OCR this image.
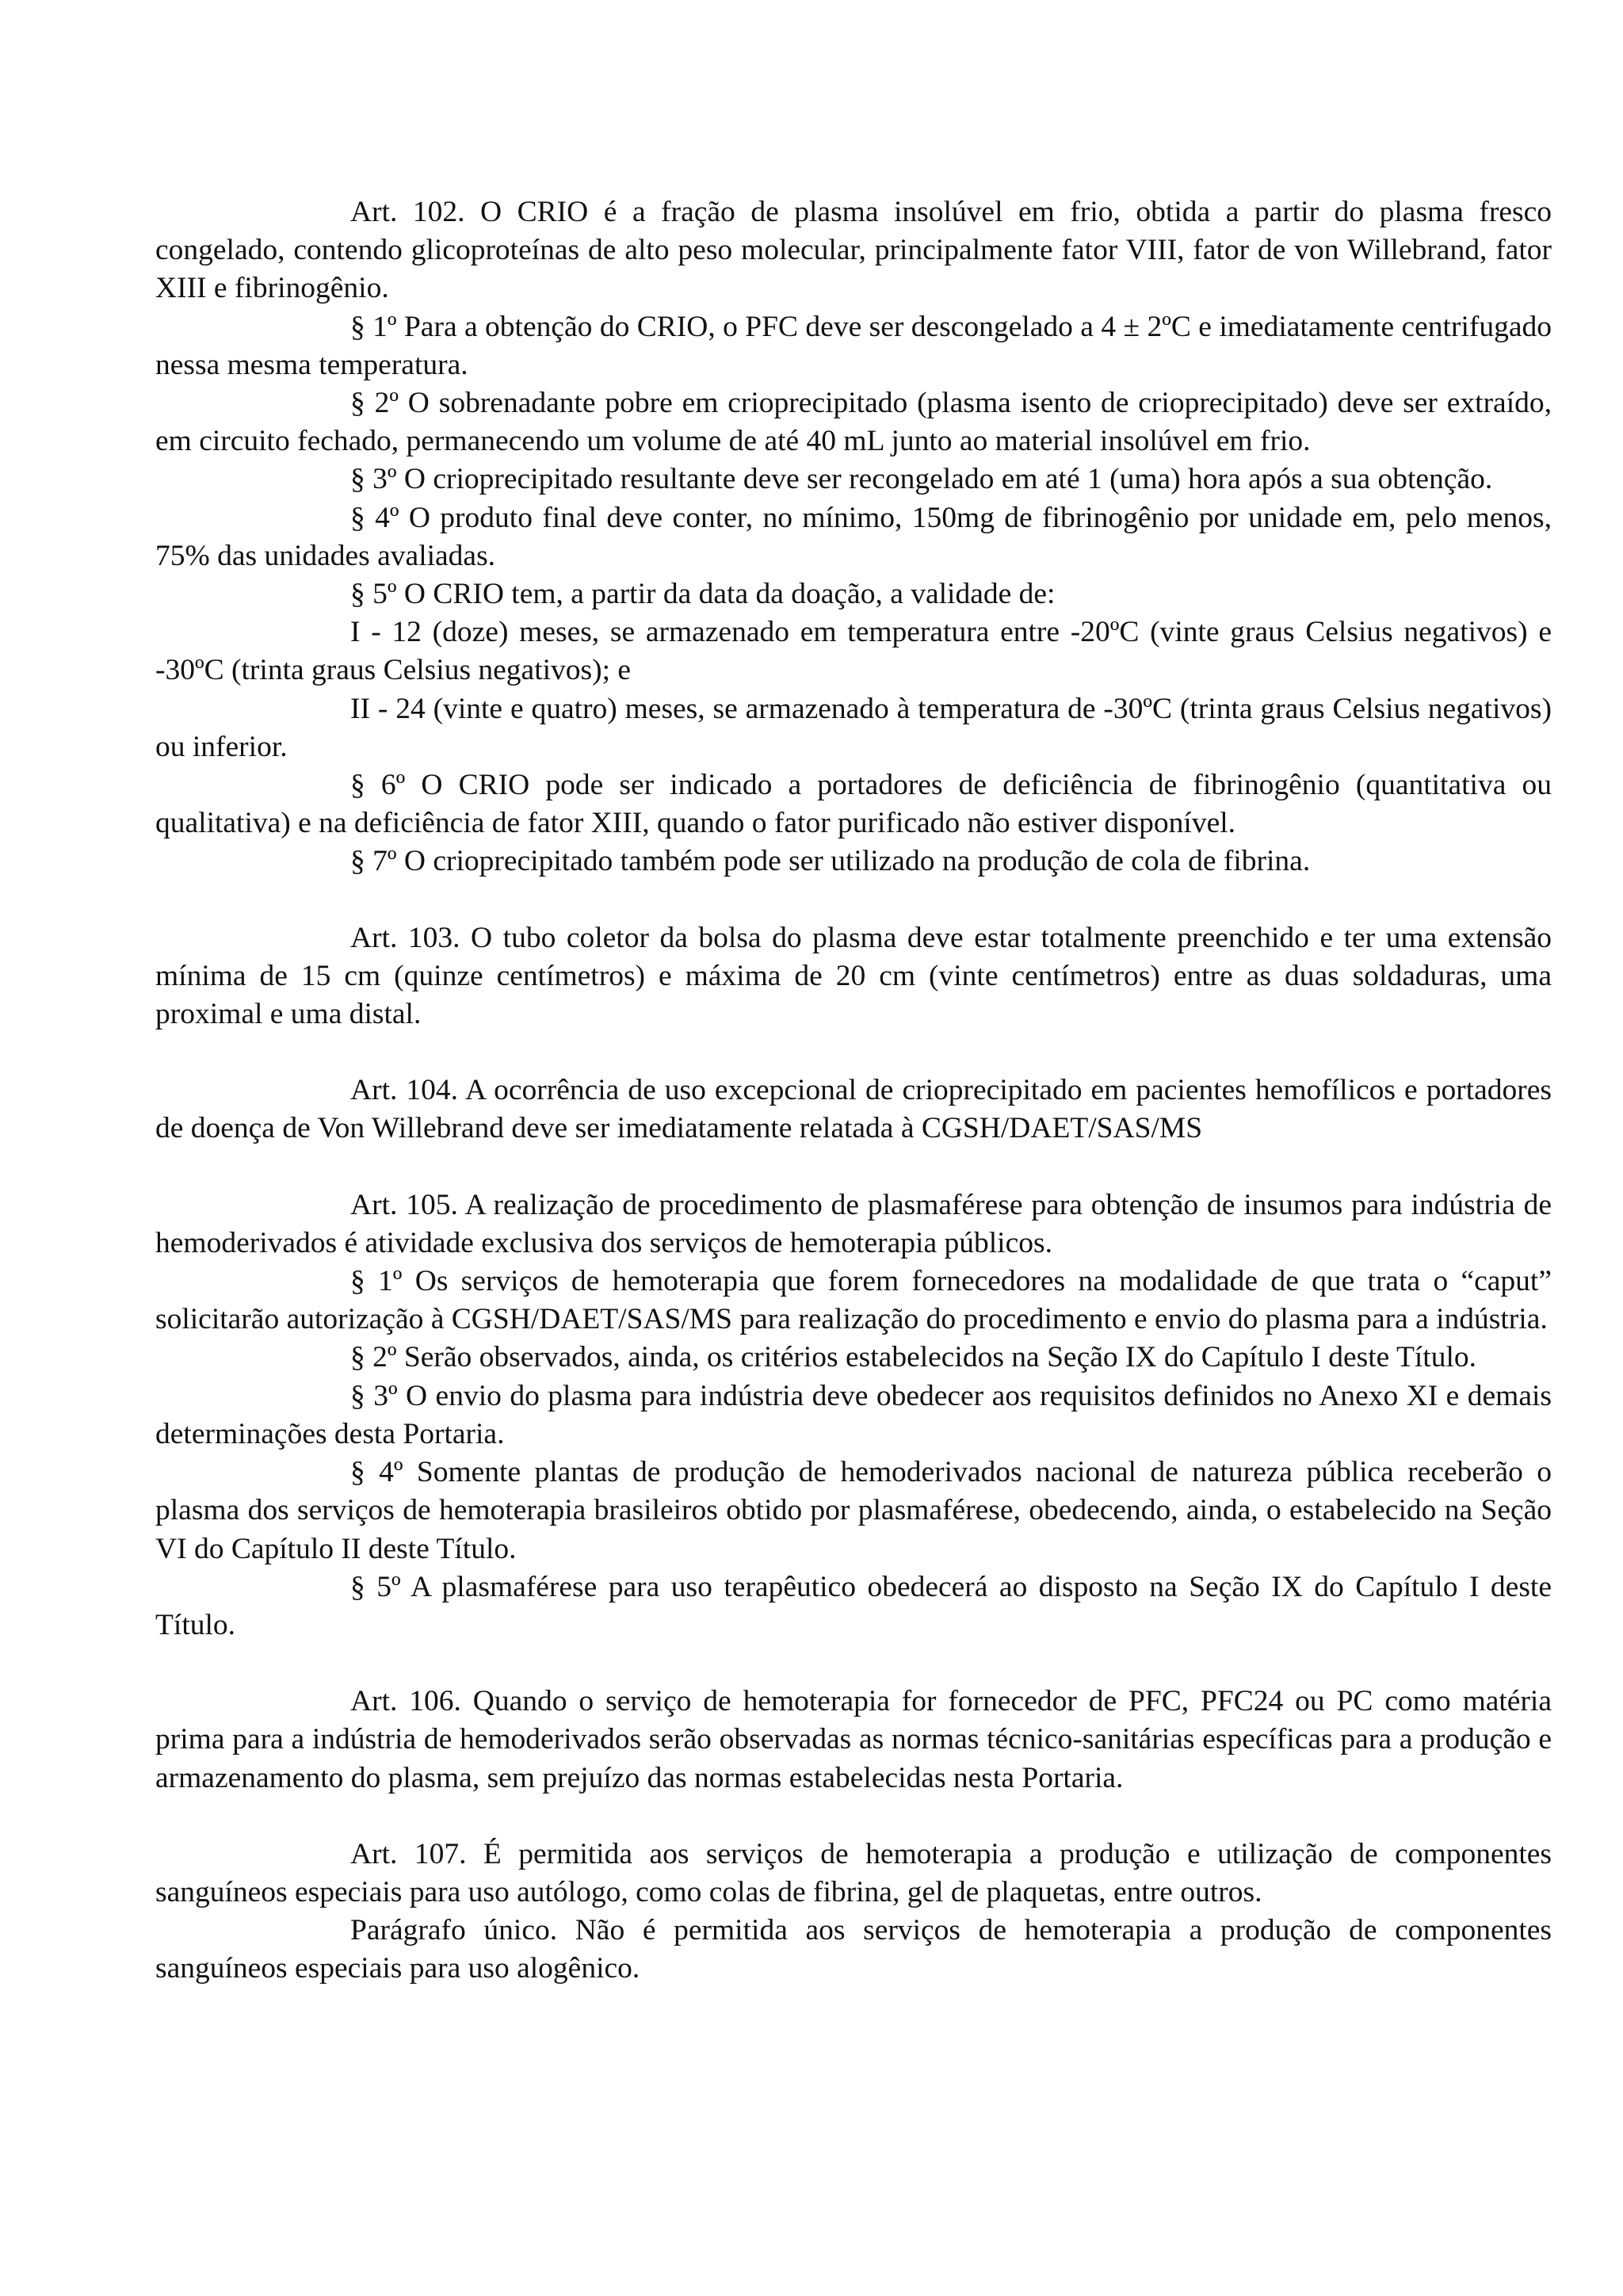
Art. 102. O CRIO é a fração de plasma insolúvel em frio, obtida a partir do plasma fresco congelado, contendo glicoproteínas de alto peso molecular, principalmente fator VIII, fator de von Willebrand, fator XIII e fibrinogênio.

§ 1º Para a obtenção do CRIO, o PFC deve ser descongelado a 4 ± 2ºC e imediatamente centrifugado nessa mesma temperatura.

§ 2º O sobrenadante pobre em crioprecipitado (plasma isento de crioprecipitado) deve ser extraído, em circuito fechado, permanecendo um volume de até 40 mL junto ao material insolúvel em frio.

§ 3º O crioprecipitado resultante deve ser recongelado em até 1 (uma) hora após a sua obtenção.

§ 4º O produto final deve conter, no mínimo, 150mg de fibrinogênio por unidade em, pelo menos, 75% das unidades avaliadas.

§ 5º O CRIO tem, a partir da data da doação, a validade de:

I - 12 (doze) meses, se armazenado em temperatura entre -20ºC (vinte graus Celsius negativos) e -30ºC (trinta graus Celsius negativos); e

II - 24 (vinte e quatro) meses, se armazenado à temperatura de -30ºC (trinta graus Celsius negativos) ou inferior.

§ 6º O CRIO pode ser indicado a portadores de deficiência de fibrinogênio (quantitativa ou qualitativa) e na deficiência de fator XIII, quando o fator purificado não estiver disponível.

§ 7º O crioprecipitado também pode ser utilizado na produção de cola de fibrina.

Art. 103. O tubo coletor da bolsa do plasma deve estar totalmente preenchido e ter uma extensão mínima de 15 cm (quinze centímetros) e máxima de 20 cm (vinte centímetros) entre as duas soldaduras, uma proximal e uma distal.

Art. 104. A ocorrência de uso excepcional de crioprecipitado em pacientes hemofílicos e portadores de doença de Von Willebrand deve ser imediatamente relatada à CGSH/DAET/SAS/MS

Art. 105. A realização de procedimento de plasmaférese para obtenção de insumos para indústria de hemoderivados é atividade exclusiva dos serviços de hemoterapia públicos.

§ 1º Os serviços de hemoterapia que forem fornecedores na modalidade de que trata o “caput” solicitarão autorização à CGSH/DAET/SAS/MS para realização do procedimento e envio do plasma para a indústria.

§ 2º Serão observados, ainda, os critérios estabelecidos na Seção IX do Capítulo I deste Título.

§ 3º O envio do plasma para indústria deve obedecer aos requisitos definidos no Anexo XI e demais determinações desta Portaria.

§ 4º Somente plantas de produção de hemoderivados nacional de natureza pública receberão o plasma dos serviços de hemoterapia brasileiros obtido por plasmaférese, obedecendo, ainda, o estabelecido na Seção VI do Capítulo II deste Título.

§ 5º A plasmaférese para uso terapêutico obedecerá ao disposto na Seção IX do Capítulo I deste Título.

Art. 106. Quando o serviço de hemoterapia for fornecedor de PFC, PFC24 ou PC como matéria prima para a indústria de hemoderivados serão observadas as normas técnico-sanitárias específicas para a produção e armazenamento do plasma, sem prejuízo das normas estabelecidas nesta Portaria.

Art. 107. É permitida aos serviços de hemoterapia a produção e utilização de componentes sanguíneos especiais para uso autólogo, como colas de fibrina, gel de plaquetas, entre outros.

Parágrafo único. Não é permitida aos serviços de hemoterapia a produção de componentes sanguíneos especiais para uso alogênico.
